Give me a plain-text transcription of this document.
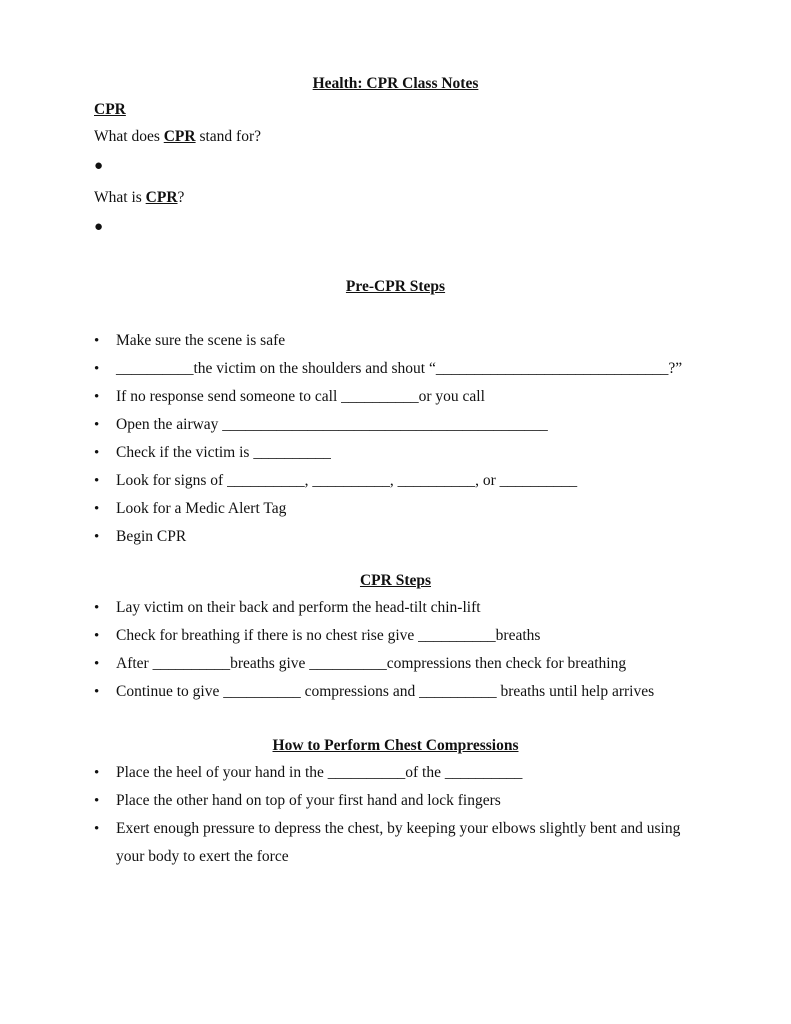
Health: CPR Class Notes
CPR
What does CPR stand for?
●
What is CPR?
●
Pre-CPR Steps
•	Make sure the scene is safe
•	__________the victim on the shoulders and shout “______________________________?”
•	If no response send someone to call __________or you call
•	Open the airway __________________________________________
•	Check if the victim is __________
•	Look for signs of __________, __________, __________, or __________
•	Look for a Medic Alert Tag
•	Begin CPR
CPR Steps
•	Lay victim on their back and perform the head-tilt chin-lift
•	Check for breathing if there is no chest rise give __________breaths
•	After __________breaths give __________compressions then check for breathing
•	Continue to give __________ compressions and __________ breaths until help arrives
How to Perform Chest Compressions
•	Place the heel of your hand in the __________of the __________
•	Place the other hand on top of your first hand and lock fingers
•	Exert enough pressure to depress the chest, by keeping your elbows slightly bent and using your body to exert the force
